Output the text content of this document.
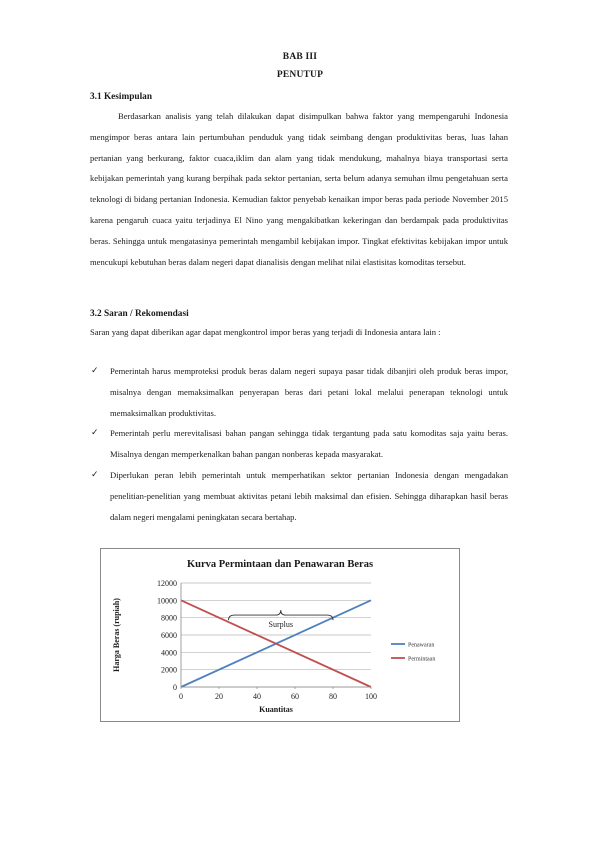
BAB III
PENUTUP
3.1 Kesimpulan
Berdasarkan analisis yang telah dilakukan dapat disimpulkan bahwa faktor yang mempengaruhi Indonesia mengimpor beras antara lain pertumbuhan penduduk yang tidak seimbang dengan produktivitas beras, luas lahan pertanian yang berkurang, faktor cuaca,iklim dan alam yang tidak mendukung, mahalnya biaya transportasi serta kebijakan pemerintah yang kurang berpihak pada sektor pertanian, serta belum adanya semuhan ilmu pengetahuan serta teknologi di bidang pertanian Indonesia. Kemudian faktor penyebab kenaikan impor beras pada periode November 2015 karena pengaruh cuaca yaitu terjadinya El Nino yang mengakibatkan kekeringan dan berdampak pada produktivitas beras. Sehingga untuk mengatasinya pemerintah mengambil kebijakan impor. Tingkat efektivitas kebijakan impor untuk mencukupi kebutuhan beras dalam negeri dapat dianalisis dengan melihat nilai elastisitas komoditas tersebut.
3.2 Saran / Rekomendasi
Saran yang dapat diberikan agar dapat mengkontrol impor beras yang terjadi di Indonesia antara lain :
✓ Pemerintah harus memproteksi produk beras dalam negeri supaya pasar tidak dibanjiri oleh produk beras impor, misalnya dengan memaksimalkan penyerapan beras dari petani lokal melalui penerapan teknologi untuk memaksimalkan produktivitas.
✓ Pemerintah perlu merevitalisasi bahan pangan sehingga tidak tergantung pada satu komoditas saja yaitu beras. Misalnya dengan memperkenalkan bahan pangan nonberas kepada masyarakat.
✓ Diperlukan peran lebih pemerintah untuk memperhatikan sektor pertanian Indonesia dengan mengadakan penelitian-penelitian yang membuat aktivitas petani lebih maksimal dan efisien. Sehingga diharapkan hasil beras dalam negeri mengalami peningkatan secara bertahap.
Kurva Permintaan dan Penawaran Beras
0
2000
4000
6000
8000
10000
12000
0	20	40	60	80	100
Kuantitas
Harga Beras (rupiah)	Surplus
Penawaran
Permintaan
